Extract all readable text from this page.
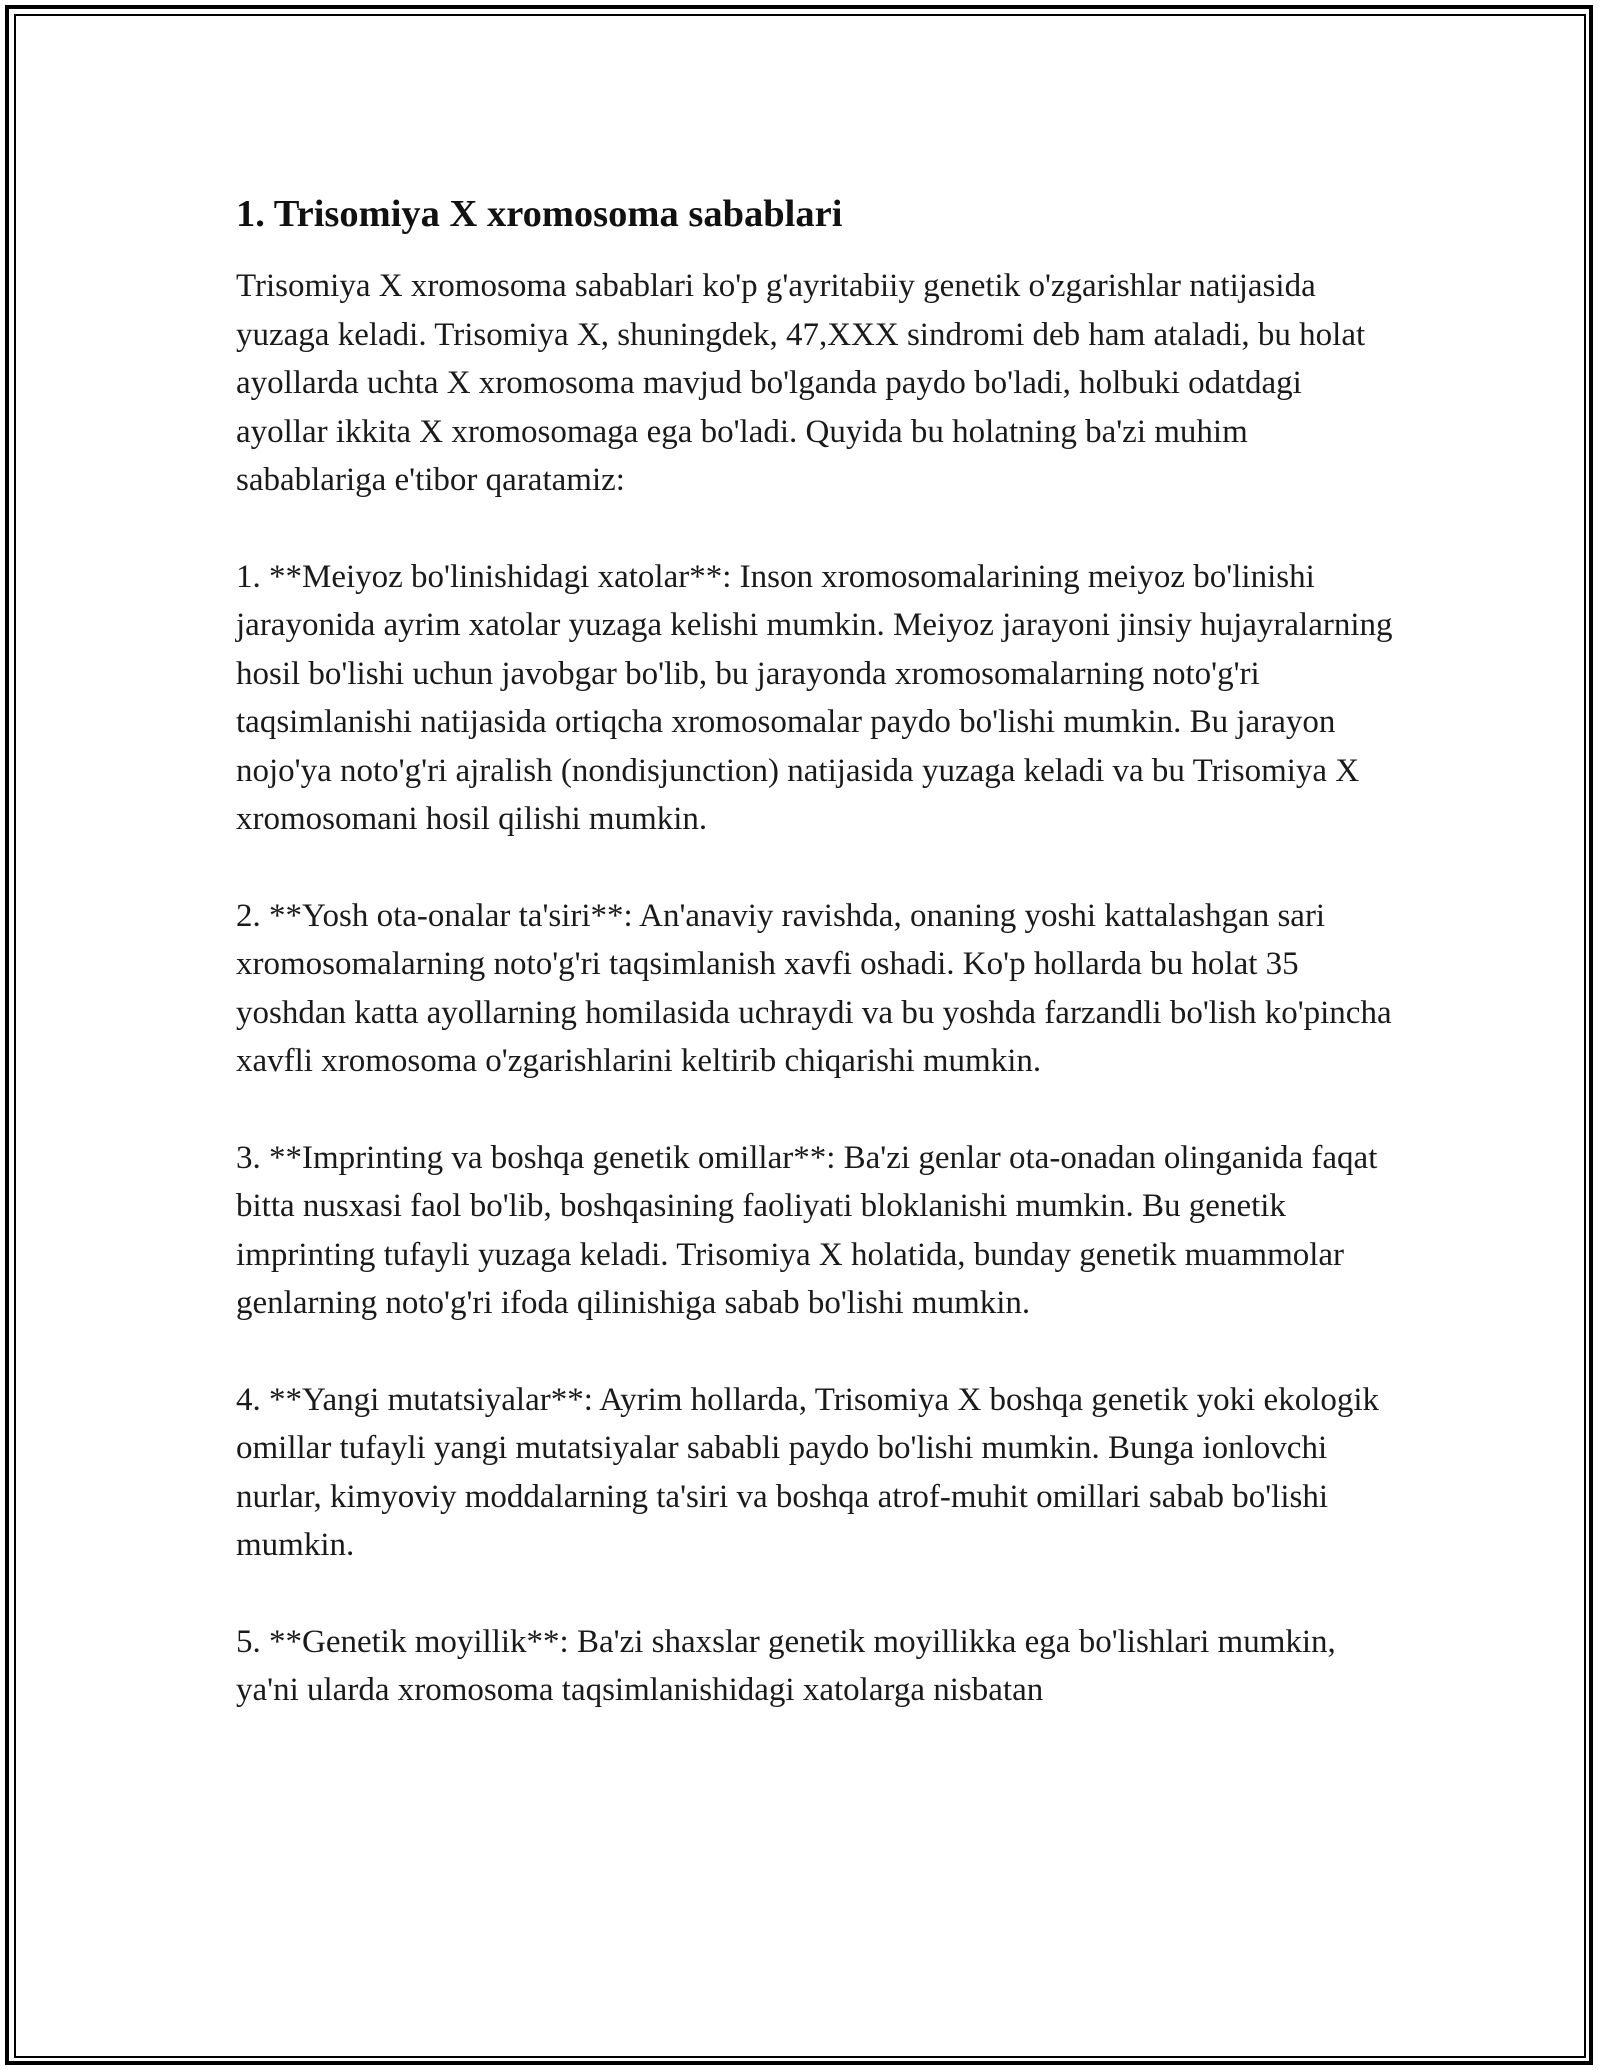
1. Trisomiya X xromosoma sabablari

Trisomiya X xromosoma sabablari ko'p g'ayritabiiy genetik o'zgarishlar natijasida yuzaga keladi. Trisomiya X, shuningdek, 47,XXX sindromi deb ham ataladi, bu holat ayollarda uchta X xromosoma mavjud bo'lganda paydo bo'ladi, holbuki odatdagi ayollar ikkita X xromosomaga ega bo'ladi. Quyida bu holatning ba'zi muhim sabablariga e'tibor qaratamiz:

1. **Meiyoz bo'linishidagi xatolar**: Inson xromosomalarining meiyoz bo'linishi jarayonida ayrim xatolar yuzaga kelishi mumkin. Meiyoz jarayoni jinsiy hujayralarning hosil bo'lishi uchun javobgar bo'lib, bu jarayonda xromosomalarning noto'g'ri taqsimlanishi natijasida ortiqcha xromosomalar paydo bo'lishi mumkin. Bu jarayon nojo'ya noto'g'ri ajralish (nondisjunction) natijasida yuzaga keladi va bu Trisomiya X xromosomani hosil qilishi mumkin.

2. **Yosh ota-onalar ta'siri**: An'anaviy ravishda, onaning yoshi kattalashgan sari xromosomalarning noto'g'ri taqsimlanish xavfi oshadi. Ko'p hollarda bu holat 35 yoshdan katta ayollarning homilasida uchraydi va bu yoshda farzandli bo'lish ko'pincha xavfli xromosoma o'zgarishlarini keltirib chiqarishi mumkin.

3. **Imprinting va boshqa genetik omillar**: Ba'zi genlar ota-onadan olinganida faqat bitta nusxasi faol bo'lib, boshqasining faoliyati bloklanishi mumkin. Bu genetik imprinting tufayli yuzaga keladi. Trisomiya X holatida, bunday genetik muammolar genlarning noto'g'ri ifoda qilinishiga sabab bo'lishi mumkin.

4. **Yangi mutatsiyalar**: Ayrim hollarda, Trisomiya X boshqa genetik yoki ekologik omillar tufayli yangi mutatsiyalar sababli paydo bo'lishi mumkin. Bunga ionlovchi nurlar, kimyoviy moddalarning ta'siri va boshqa atrof-muhit omillari sabab bo'lishi mumkin.

5. **Genetik moyillik**: Ba'zi shaxslar genetik moyillikka ega bo'lishlari mumkin, ya'ni ularda xromosoma taqsimlanishidagi xatolarga nisbatan
